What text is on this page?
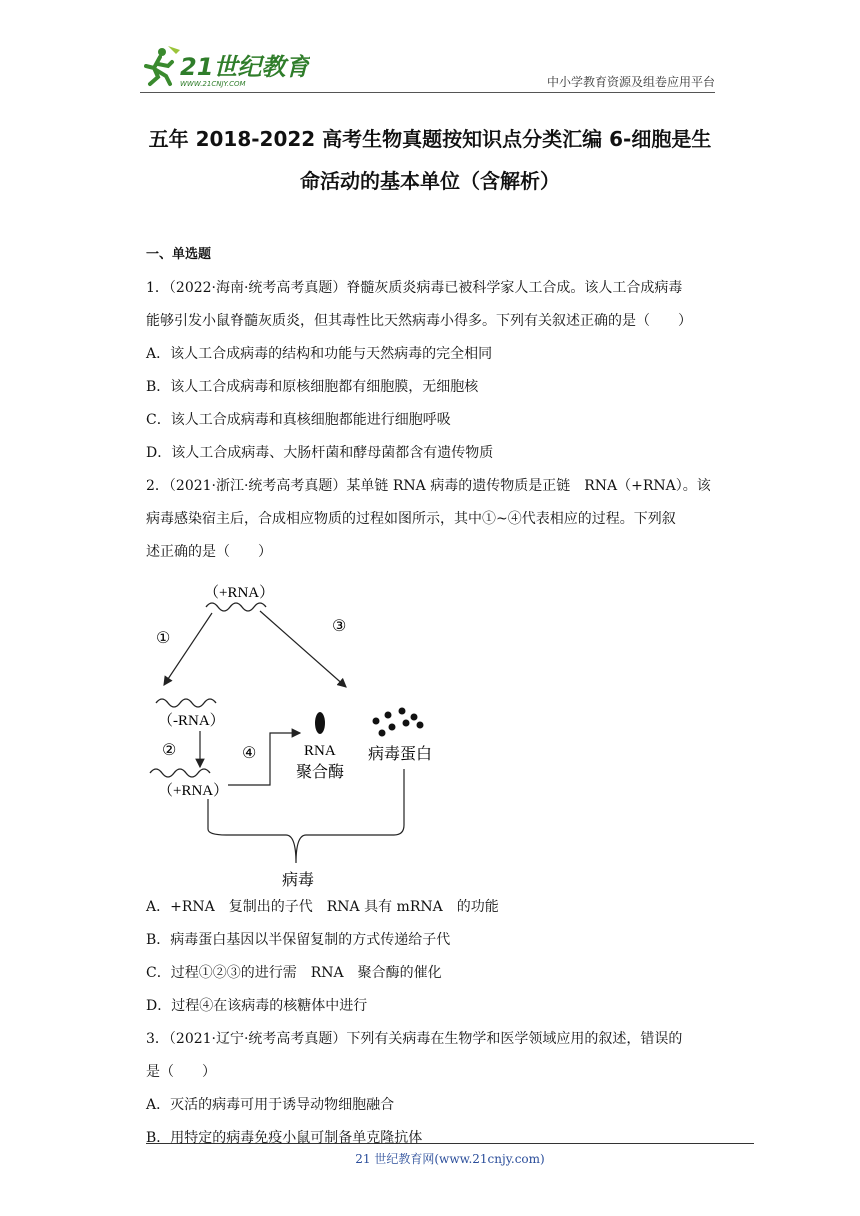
21世纪教育
WWW.21CNJY.COM	中小学教育资源及组卷应用平台
五年 2018-2022 高考生物真题按知识点分类汇编 6-细胞是生
命活动的基本单位（含解析）
一、单选题
1．（2022·海南·统考高考真题）脊髓灰质炎病毒已被科学家人工合成。该人工合成病毒
能够引发小鼠脊髓灰质炎，但其毒性比天然病毒小得多。下列有关叙述正确的是（　　）
A．该人工合成病毒的结构和功能与天然病毒的完全相同
B．该人工合成病毒和原核细胞都有细胞膜，无细胞核
C．该人工合成病毒和真核细胞都能进行细胞呼吸
D．该人工合成病毒、大肠杆菌和酵母菌都含有遗传物质
2．（2021·浙江·统考高考真题）某单链 RNA 病毒的遗传物质是正链　RNA（+RNA）。该
病毒感染宿主后，合成相应物质的过程如图所示，其中①~④代表相应的过程。下列叙
述正确的是（　　）
（+RNA）
①
③
（-RNA）
②
（+RNA）
④	RNA
聚合酶
病毒蛋白
病毒
A．+RNA　复制出的子代　RNA 具有 mRNA　的功能
B．病毒蛋白基因以半保留复制的方式传递给子代
C．过程①②③的进行需　RNA　聚合酶的催化
D．过程④在该病毒的核糖体中进行
3．（2021·辽宁·统考高考真题）下列有关病毒在生物学和医学领域应用的叙述，错误的
是（　　）
A．灭活的病毒可用于诱导动物细胞融合
B．用特定的病毒免疫小鼠可制备单克隆抗体
21 世纪教育网(www.21cnjy.com)
